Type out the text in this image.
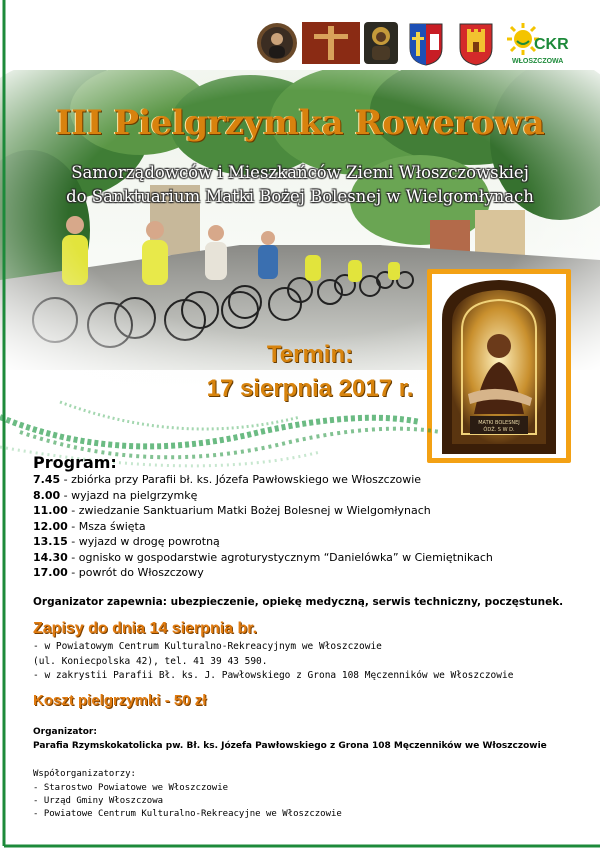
CKR
WŁOSZCZOWA
III Pielgrzymka Rowerowa
Samorządowców i Mieszkańców Ziemi Włoszczowskiej
do Sanktuarium Matki Bożej Bolesnej w Wielgomłynach
MATKI BOLESNEJ
ÓDŹ. S W D.
Termin:
17 sierpnia 2017 r.
Program:
7.45 - zbiórka przy Parafii bł. ks. Józefa Pawłowskiego we Włoszczowie
8.00 - wyjazd na pielgrzymkę
11.00 - zwiedzanie Sanktuarium Matki Bożej Bolesnej w Wielgomłynach
12.00 - Msza święta
13.15 - wyjazd w drogę powrotną
14.30 - ognisko w gospodarstwie agroturystycznym “Danielówka” w Ciemiętnikach
17.00 - powrót do Włoszczowy
Organizator zapewnia: ubezpieczenie, opiekę medyczną, serwis techniczny, poczęstunek.
Zapisy do dnia 14 sierpnia br.
- w Powiatowym Centrum Kulturalno-Rekreacyjnym we Włoszczowie
(ul. Koniecpolska 42), tel. 41 39 43 590.
- w zakrystii Parafii Bł. ks. J. Pawłowskiego z Grona 108 Męczenników we Włoszczowie
Koszt pielgrzymki - 50 zł
Organizator:
Parafia Rzymskokatolicka pw. Bł. ks. Józefa Pawłowskiego z Grona 108 Męczenników we Włoszczowie
Współorganizatorzy:
- Starostwo Powiatowe we Włoszczowie
- Urząd Gminy Włoszczowa
- Powiatowe Centrum Kulturalno-Rekreacyjne we Włoszczowie
